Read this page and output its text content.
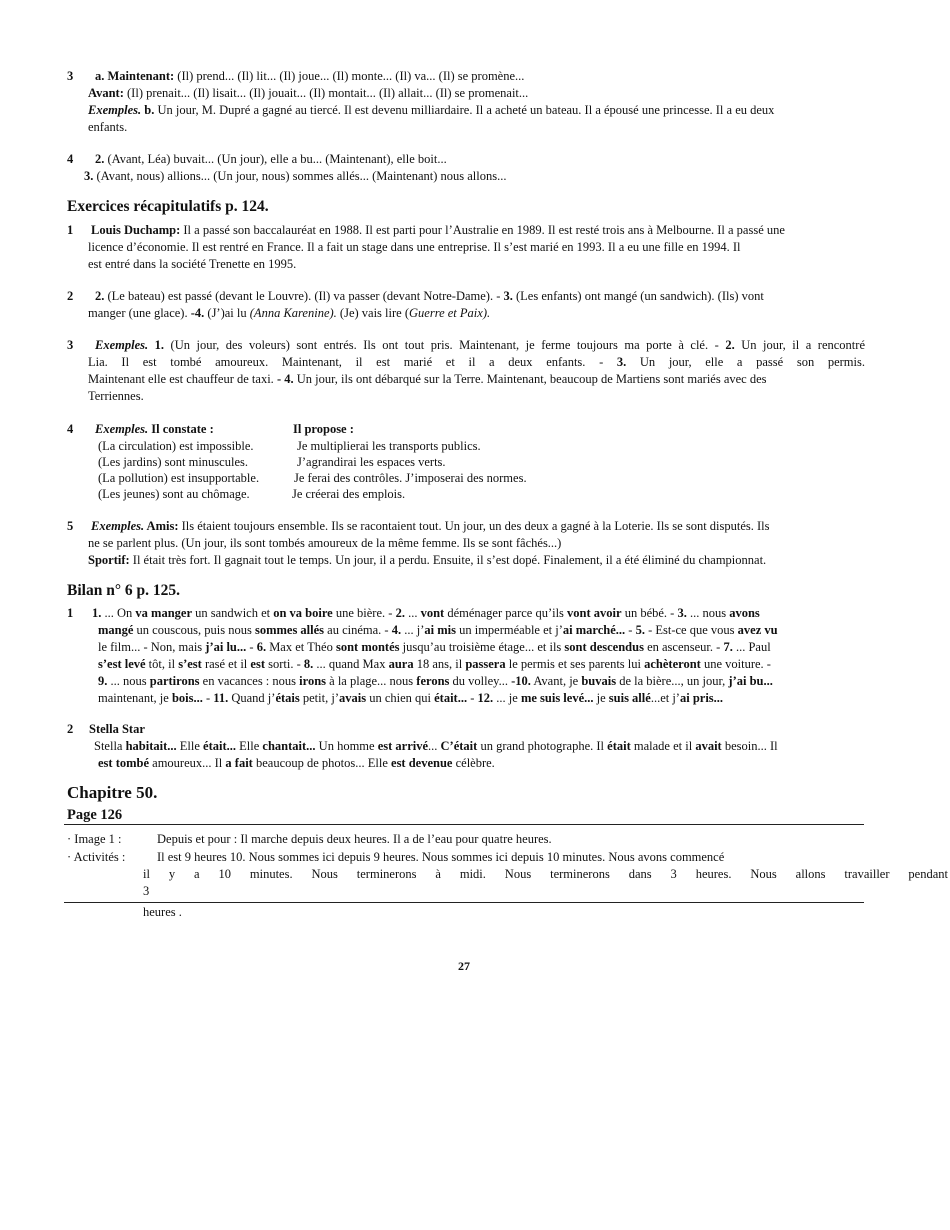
3 a. Maintenant: (Il) prend... (Il) lit... (Il) joue... (Il) monte... (Il) va... (Il) se promène...
Avant: (Il) prenait... (Il) lisait... (Il) jouait... (Il) montait... (Il) allait... (Il) se promenait...
Exemples. b. Un jour, M. Dupré a gagné au tiercé. Il est devenu milliardaire. Il a acheté un bateau. Il a épousé une princesse. Il a eu deux
enfants.
4 2. (Avant, Léa) buvait... (Un jour), elle a bu... (Maintenant), elle boit...
3. (Avant, nous) allions... (Un jour, nous) sommes allés... (Maintenant) nous allons...
Exercices récapitulatifs p. 124.
1 Louis Duchamp: Il a passé son baccalauréat en 1988. Il est parti pour l’Australie en 1989. Il est resté trois ans à Melbourne. Il a passé une
licence d’économie. Il est rentré en France. Il a fait un stage dans une entreprise. Il s’est marié en 1993. Il a eu une fille en 1994. Il
est entré dans la société Trenette en 1995.
2 2. (Le bateau) est passé (devant le Louvre). (Il) va passer (devant Notre-Dame). - 3. (Les enfants) ont mangé (un sandwich). (Ils) vont
manger (une glace). -4. (J’)ai lu (Anna Karenine). (Je) vais lire (Guerre et Paix).
3 Exemples. 1. (Un jour, des voleurs) sont entrés. Ils ont tout pris. Maintenant, je ferme toujours ma porte à clé. - 2. Un jour, il a rencontré
Lia. Il est tombé amoureux. Maintenant, il est marié et il a deux enfants. - 3. Un jour, elle a passé son permis.
Maintenant elle est chauffeur de taxi. - 4. Un jour, ils ont débarqué sur la Terre. Maintenant, beaucoup de Martiens sont mariés avec des
Terriennes.
4 Exemples. Il constate :	Il propose :
(La circulation) est impossible.	Je multiplierai les transports publics.
(Les jardins) sont minuscules.	J’agrandirai les espaces verts.
(La pollution) est insupportable.	Je ferai des contrôles. J’imposerai des normes.
(Les jeunes) sont au chômage.	Je créerai des emplois.
5 Exemples. Amis: Ils étaient toujours ensemble. Ils se racontaient tout. Un jour, un des deux a gagné à la Loterie. Ils se sont disputés. Ils
ne se parlent plus. (Un jour, ils sont tombés amoureux de la même femme. Ils se sont fâchés...)
Sportif: Il était très fort. Il gagnait tout le temps. Un jour, il a perdu. Ensuite, il s’est dopé. Finalement, il a été éliminé du championnat.
Bilan n° 6 p. 125.
1 1. ... On va manger un sandwich et on va boire une bière. - 2. ... vont déménager parce qu’ils vont avoir un bébé. - 3. ... nous avons
mangé un couscous, puis nous sommes allés au cinéma. - 4. ... j’ai mis un imperméable et j’ai marché... - 5. - Est-ce que vous avez vu
le film... - Non, mais j’ai lu... - 6. Max et Théo sont montés jusqu’au troisième étage... et ils sont descendus en ascenseur. - 7. ... Paul
s’est levé tôt, il s’est rasé et il est sorti. - 8. ... quand Max aura 18 ans, il passera le permis et ses parents lui achèteront une voiture. -
9. ... nous partirons en vacances : nous irons à la plage... nous ferons du volley... -10. Avant, je buvais de la bière..., un jour, j’ai bu...
maintenant, je bois... - 11. Quand j’étais petit, j’avais un chien qui était... - 12. ... je me suis levé... je suis allé...et j’ai pris...
2 Stella Star
Stella habitait... Elle était... Elle chantait... Un homme est arrivé... C’était un grand photographe. Il était malade et il avait besoin... Il
est tombé amoureux... Il a fait beaucoup de photos... Elle est devenue célèbre.
Chapitre 50.
Page 126
· Image 1 :	Depuis et pour : Il marche depuis deux heures. Il a de l’eau pour quatre heures.
· Activités :	Il est 9 heures 10. Nous sommes ici depuis 9 heures. Nous sommes ici depuis 10 minutes. Nous avons commencé
il y a 10 minutes. Nous terminerons à midi. Nous terminerons dans 3 heures. Nous allons travailler pendant
3
heures .
27
